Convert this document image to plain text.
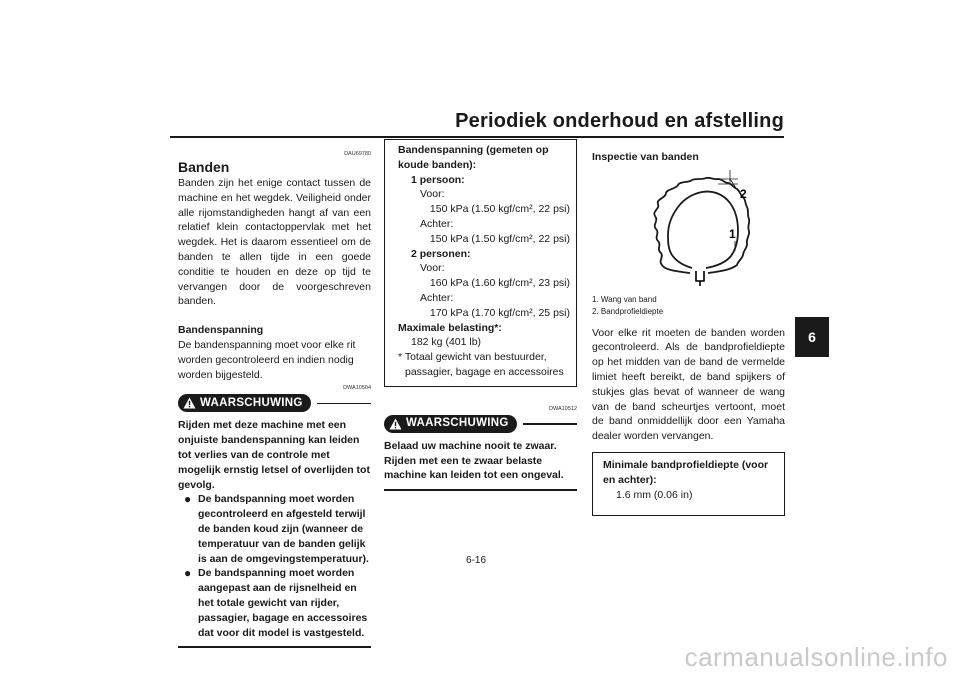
Periodiek onderhoud en afstelling
6
DAU69780
Banden

Banden zijn het enige contact tussen de machine en het wegdek. Veiligheid onder alle rijomstandigheden hangt af van een relatief klein contactoppervlak met het wegdek. Het is daarom essentieel om de banden te allen tijde in een goede conditie te houden en deze op tijd te vervangen door de voorgeschreven banden.

Bandenspanning

De bandenspanning moet voor elke rit worden gecontroleerd en indien nodig worden bijgesteld.

DWA10504
WAARSCHUWING

Rijden met deze machine met een onjuiste bandenspanning kan leiden tot verlies van de controle met mogelijk ernstig letsel of overlijden tot gevolg.

● De bandspanning moet worden gecontroleerd en afgesteld terwijl de banden koud zijn (wanneer de temperatuur van de banden gelijk is aan de omgevingstemperatuur).
● De bandspanning moet worden aangepast aan de rijsnelheid en het totale gewicht van rijder, passagier, bagage en accessoires dat voor dit model is vastgesteld.

Bandenspanning (gemeten op koude banden):

1 persoon:

Voor:

150 kPa (1.50 kgf/cm², 22 psi)

Achter:

150 kPa (1.50 kgf/cm², 22 psi)

2 personen:

Voor:

160 kPa (1.60 kgf/cm², 23 psi)

Achter:

170 kPa (1.70 kgf/cm², 25 psi)

Maximale belasting*:

182 kg (401 lb)

* Totaal gewicht van bestuurder, passagier, bagage en accessoires

DWA10512
WAARSCHUWING

Belaad uw machine nooit te zwaar. Rijden met een te zwaar belaste machine kan leiden tot een ongeval.

Inspectie van banden

2
1

1. Wang van band

2. Bandprofieldiepte

Voor elke rit moeten de banden worden gecontroleerd. Als de bandprofieldiepte op het midden van de band de vermelde limiet heeft bereikt, de band spijkers of stukjes glas bevat of wanneer de wang van de band scheurtjes vertoont, moet de band onmiddellijk door een Yamaha dealer worden vervangen.

Minimale bandprofieldiepte (voor en achter):

1.6 mm (0.06 in)

6-16
carmanualsonline.info
